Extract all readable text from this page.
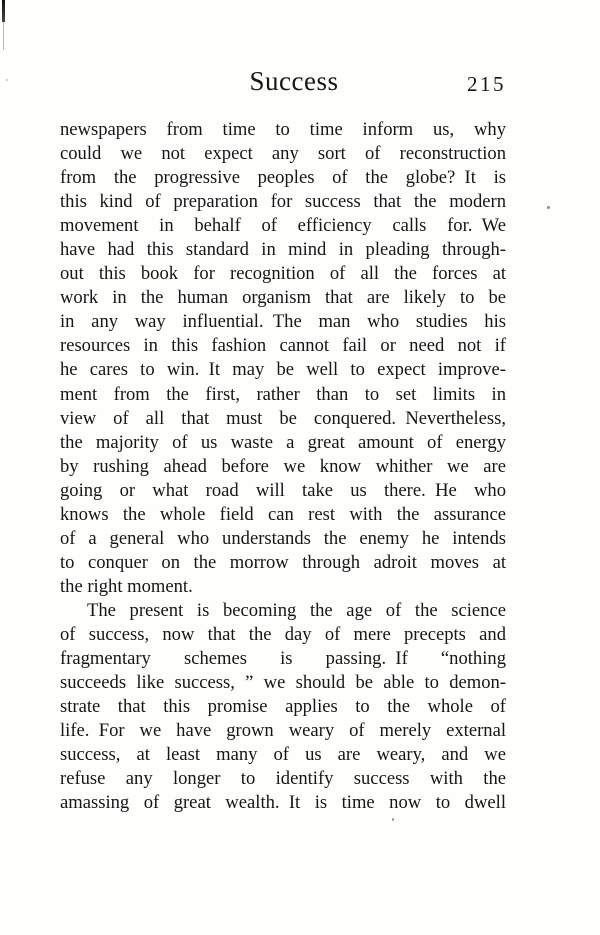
Success	215
newspapers from time to time inform us, why
could we not expect any sort of reconstruction
from the progressive peoples of the globe? It is
this kind of preparation for success that the modern
movement in behalf of efficiency calls for. We
have had this standard in mind in pleading through-
out this book for recognition of all the forces at
work in the human organism that are likely to be
in any way influential. The man who studies his
resources in this fashion cannot fail or need not if
he cares to win. It may be well to expect improve-
ment from the first, rather than to set limits in
view of all that must be conquered. Nevertheless,
the majority of us waste a great amount of energy
by rushing ahead before we know whither we are
going or what road will take us there. He who
knows the whole field can rest with the assurance
of a general who understands the enemy he intends
to conquer on the morrow through adroit moves at
the right moment.
The present is becoming the age of the science
of success, now that the day of mere precepts and
fragmentary schemes is passing. If “nothing
succeeds like success, ” we should be able to demon-
strate that this promise applies to the whole of
life. For we have grown weary of merely external
success, at least many of us are weary, and we
refuse any longer to identify success with the
amassing of great wealth. It is time now to dwell
